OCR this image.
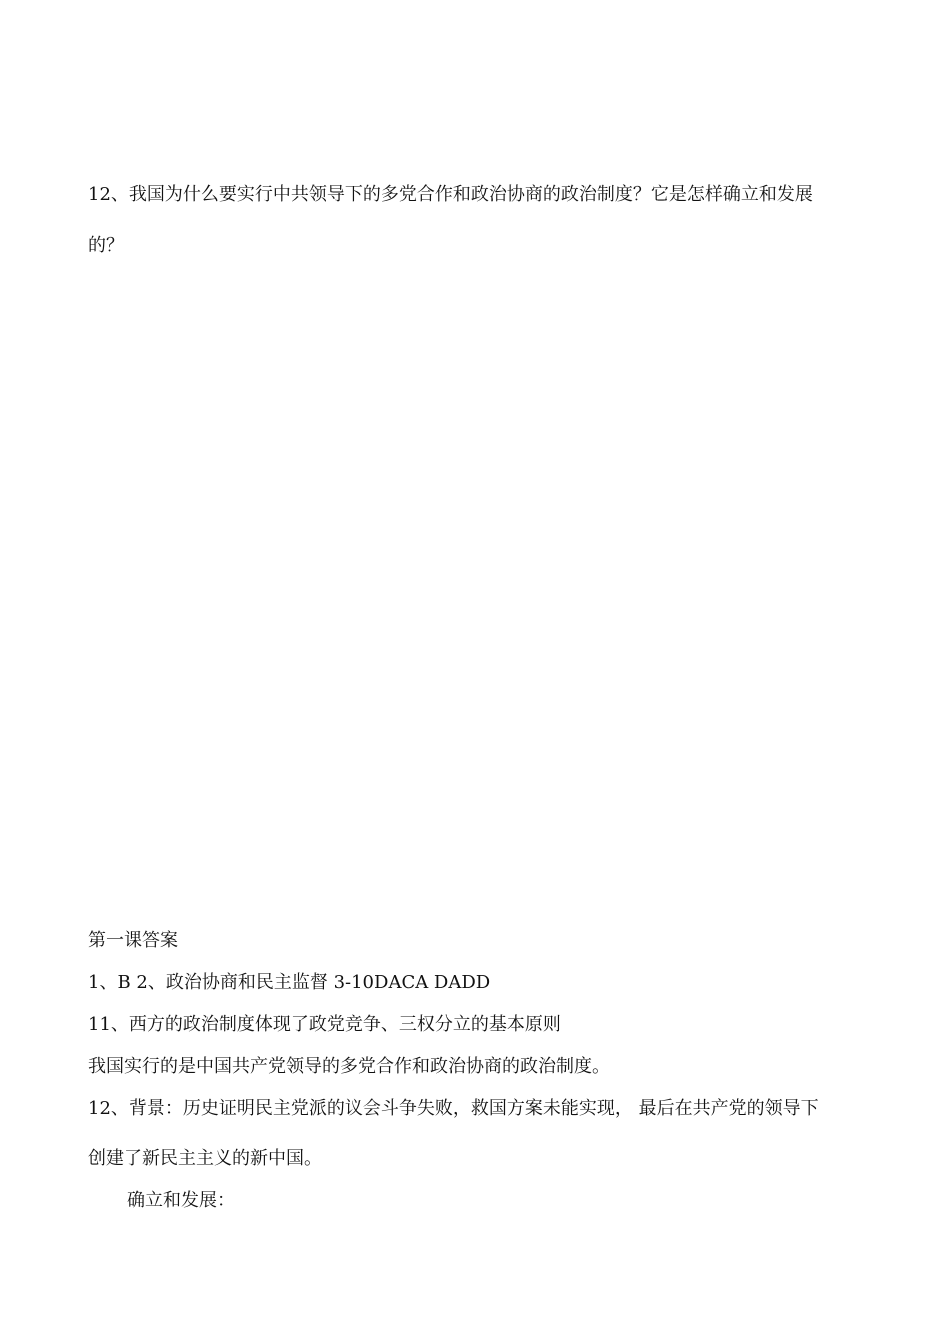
12、我国为什么要实行中共领导下的多党合作和政治协商的政治制度？它是怎样确立和发展
的？
第一课答案
1、B 2、政治协商和民主监督 3-10DACA DADD
11、西方的政治制度体现了政党竞争、三权分立的基本原则
我国实行的是中国共产党领导的多党合作和政治协商的政治制度。
12、背景：历史证明民主党派的议会斗争失败，救国方案未能实现， 最后在共产党的领导下
创建了新民主主义的新中国。
确立和发展：
